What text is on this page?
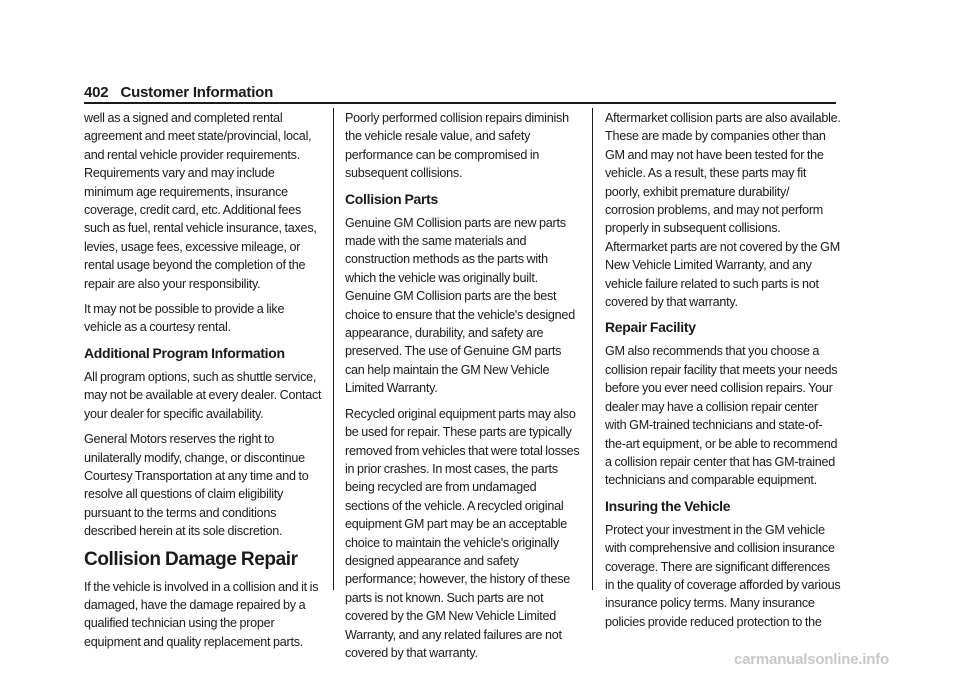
402 Customer Information

well as a signed and completed rental agreement and meet state/provincial, local, and rental vehicle provider requirements. Requirements vary and may include minimum age requirements, insurance coverage, credit card, etc. Additional fees such as fuel, rental vehicle insurance, taxes, levies, usage fees, excessive mileage, or rental usage beyond the completion of the repair are also your responsibility.

It may not be possible to provide a like vehicle as a courtesy rental.

Additional Program Information

All program options, such as shuttle service, may not be available at every dealer. Contact your dealer for specific availability.

General Motors reserves the right to unilaterally modify, change, or discontinue Courtesy Transportation at any time and to resolve all questions of claim eligibility pursuant to the terms and conditions described herein at its sole discretion.

Collision Damage Repair

If the vehicle is involved in a collision and it is damaged, have the damage repaired by a qualified technician using the proper equipment and quality replacement parts.

Poorly performed collision repairs diminish the vehicle resale value, and safety performance can be compromised in subsequent collisions.

Collision Parts

Genuine GM Collision parts are new parts made with the same materials and construction methods as the parts with which the vehicle was originally built. Genuine GM Collision parts are the best choice to ensure that the vehicle's designed appearance, durability, and safety are preserved. The use of Genuine GM parts can help maintain the GM New Vehicle Limited Warranty.

Recycled original equipment parts may also be used for repair. These parts are typically removed from vehicles that were total losses in prior crashes. In most cases, the parts being recycled are from undamaged sections of the vehicle. A recycled original equipment GM part may be an acceptable choice to maintain the vehicle's originally designed appearance and safety performance; however, the history of these parts is not known. Such parts are not covered by the GM New Vehicle Limited Warranty, and any related failures are not covered by that warranty.

Aftermarket collision parts are also available. These are made by companies other than GM and may not have been tested for the vehicle. As a result, these parts may fit poorly, exhibit premature durability/ corrosion problems, and may not perform properly in subsequent collisions. Aftermarket parts are not covered by the GM New Vehicle Limited Warranty, and any vehicle failure related to such parts is not covered by that warranty.

Repair Facility

GM also recommends that you choose a collision repair facility that meets your needs before you ever need collision repairs. Your dealer may have a collision repair center with GM-trained technicians and state-of-the-art equipment, or be able to recommend a collision repair center that has GM-trained technicians and comparable equipment.

Insuring the Vehicle

Protect your investment in the GM vehicle with comprehensive and collision insurance coverage. There are significant differences in the quality of coverage afforded by various insurance policy terms. Many insurance policies provide reduced protection to the

carmanualsonline.info
